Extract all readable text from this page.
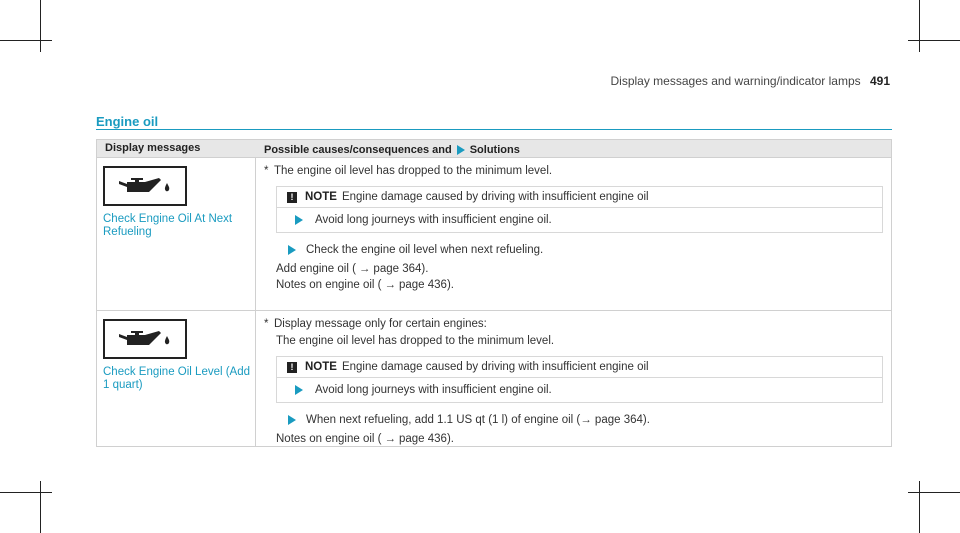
Display messages and warning/indicator lamps 491
Engine oil
Display messages	Possible causes/consequences and Solutions
Check Engine Oil At Next Refueling
* The engine oil level has dropped to the minimum level.
!	NOTE Engine damage caused by driving with insufficient engine oil
Avoid long journeys with insufficient engine oil.
Check the engine oil level when next refueling.
Add engine oil ( → page 364).
Notes on engine oil ( → page 436).
Check Engine Oil Level (Add 1 quart)
* Display message only for certain engines:
The engine oil level has dropped to the minimum level.
!	NOTE Engine damage caused by driving with insufficient engine oil
Avoid long journeys with insufficient engine oil.
When next refueling, add 1.1 US qt (1 l) of engine oil (→ page 364).
Notes on engine oil ( → page 436).
